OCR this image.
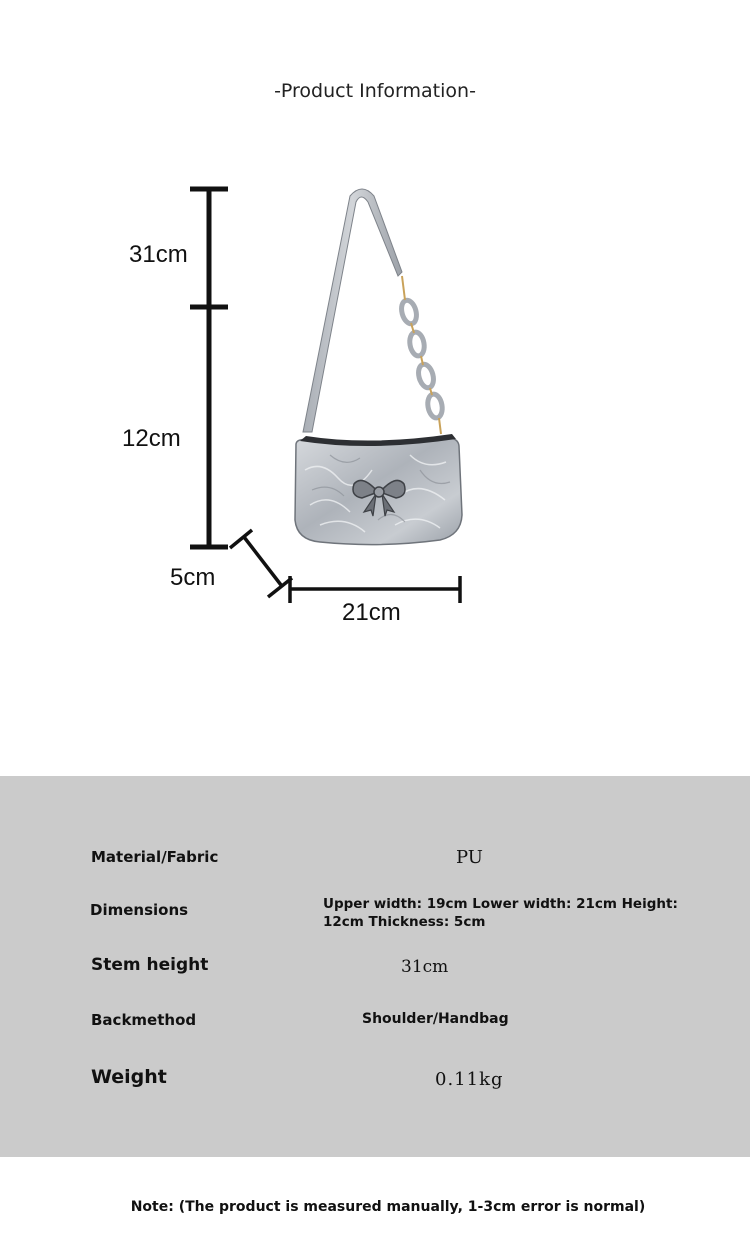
-Product Information-
31cm
12cm
5cm
21cm
Material/Fabric	PU
Dimensions	Upper width: 19cm Lower width: 21cm Height: 12cm Thickness: 5cm
Stem height	31cm
Backmethod	Shoulder/Handbag
Weight	0.11kg
Note: (The product is measured manually, 1-3cm error is normal)
